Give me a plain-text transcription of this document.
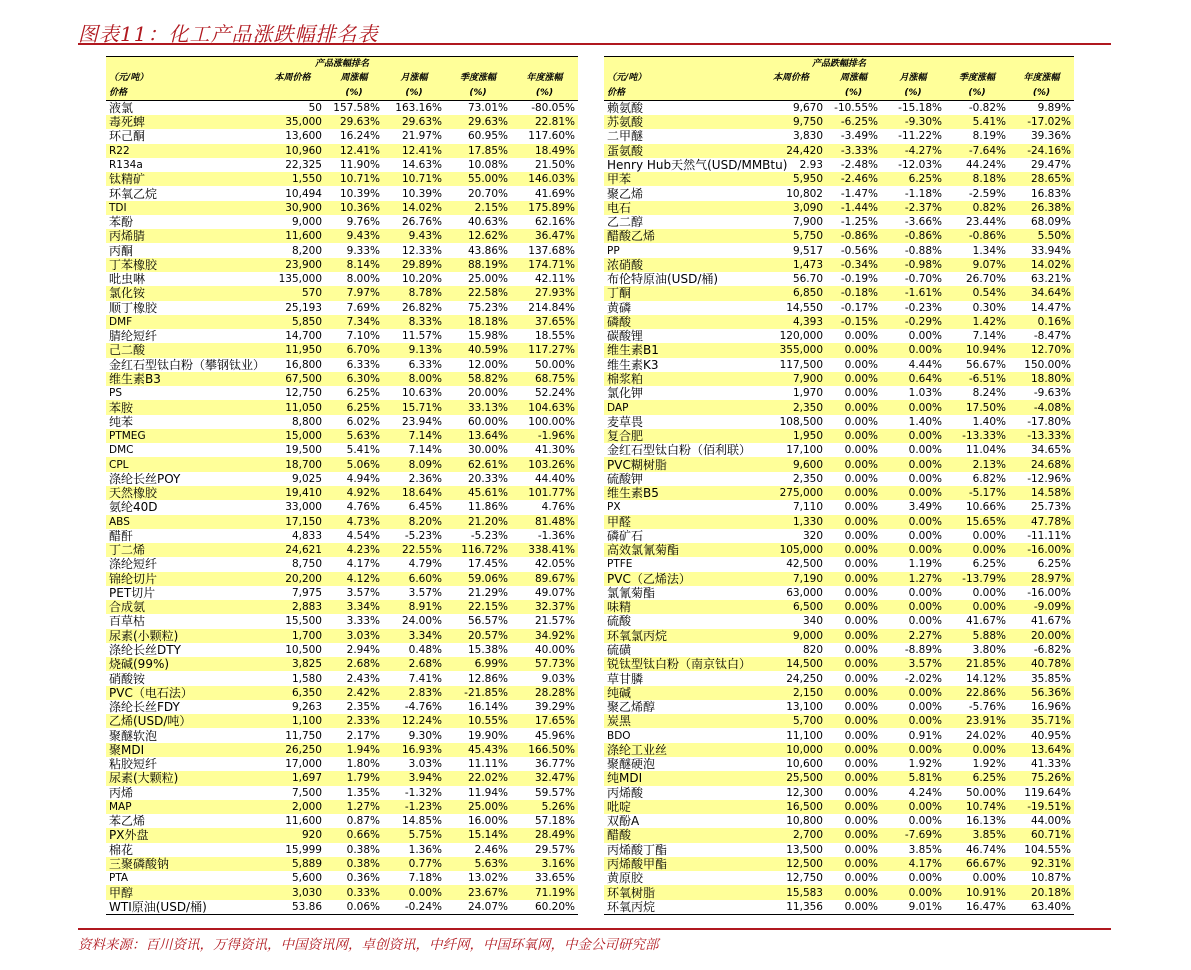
图表11：化工产品涨跌幅排名表
产品涨幅排名					
（元/吨）	本周价格	周涨幅	月涨幅	季度涨幅	年度涨幅
价格		(%)	(%)	(%)	(%)
液氯	50	157.58%	163.16%	73.01%	-80.05%
毒死蜱	35,000	29.63%	29.63%	29.63%	22.81%
环己酮	13,600	16.24%	21.97%	60.95%	117.60%
R22	10,960	12.41%	12.41%	17.85%	18.49%
R134a	22,325	11.90%	14.63%	10.08%	21.50%
钛精矿	1,550	10.71%	10.71%	55.00%	146.03%
环氧乙烷	10,494	10.39%	10.39%	20.70%	41.69%
TDI	30,900	10.36%	14.02%	2.15%	175.89%
苯酚	9,000	9.76%	26.76%	40.63%	62.16%
丙烯腈	11,600	9.43%	9.43%	12.62%	36.47%
丙酮	8,200	9.33%	12.33%	43.86%	137.68%
丁苯橡胶	23,900	8.14%	29.89%	88.19%	174.71%
吡虫啉	135,000	8.00%	10.20%	25.00%	42.11%
氯化铵	570	7.97%	8.78%	22.58%	27.93%
顺丁橡胶	25,193	7.69%	26.82%	75.23%	214.84%
DMF	5,850	7.34%	8.33%	18.18%	37.65%
腈纶短纤	14,700	7.10%	11.57%	15.98%	18.55%
己二酸	11,950	6.70%	9.13%	40.59%	117.27%
金红石型钛白粉（攀钢钛业）	16,800	6.33%	6.33%	12.00%	50.00%
维生素B3	67,500	6.30%	8.00%	58.82%	68.75%
PS	12,750	6.25%	10.63%	20.00%	52.24%
苯胺	11,050	6.25%	15.71%	33.13%	104.63%
纯苯	8,800	6.02%	23.94%	60.00%	100.00%
PTMEG	15,000	5.63%	7.14%	13.64%	-1.96%
DMC	19,500	5.41%	7.14%	30.00%	41.30%
CPL	18,700	5.06%	8.09%	62.61%	103.26%
涤纶长丝POY	9,025	4.94%	2.36%	20.33%	44.40%
天然橡胶	19,410	4.92%	18.64%	45.61%	101.77%
氨纶40D	33,000	4.76%	6.45%	11.86%	4.76%
ABS	17,150	4.73%	8.20%	21.20%	81.48%
醋酐	4,833	4.54%	-5.23%	-5.23%	-1.36%
丁二烯	24,621	4.23%	22.55%	116.72%	338.41%
涤纶短纤	8,750	4.17%	4.79%	17.45%	42.05%
锦纶切片	20,200	4.12%	6.60%	59.06%	89.67%
PET切片	7,975	3.57%	3.57%	21.29%	49.07%
合成氨	2,883	3.34%	8.91%	22.15%	32.37%
百草枯	15,500	3.33%	24.00%	56.57%	21.57%
尿素(小颗粒)	1,700	3.03%	3.34%	20.57%	34.92%
涤纶长丝DTY	10,500	2.94%	0.48%	15.38%	40.00%
烧碱(99%)	3,825	2.68%	2.68%	6.99%	57.73%
硝酸铵	1,580	2.43%	7.41%	12.86%	9.03%
PVC（电石法）	6,350	2.42%	2.83%	-21.85%	28.28%
涤纶长丝FDY	9,263	2.35%	-4.76%	16.14%	39.29%
乙烯(USD/吨）	1,100	2.33%	12.24%	10.55%	17.65%
聚醚软泡	11,750	2.17%	9.30%	19.90%	45.96%
聚MDI	26,250	1.94%	16.93%	45.43%	166.50%
粘胶短纤	17,000	1.80%	3.03%	11.11%	36.77%
尿素(大颗粒)	1,697	1.79%	3.94%	22.02%	32.47%
丙烯	7,500	1.35%	-1.32%	11.94%	59.57%
MAP	2,000	1.27%	-1.23%	25.00%	5.26%
苯乙烯	11,600	0.87%	14.85%	16.00%	57.18%
PX外盘	920	0.66%	5.75%	15.14%	28.49%
棉花	15,999	0.38%	1.36%	2.46%	29.57%
三聚磷酸钠	5,889	0.38%	0.77%	5.63%	3.16%
PTA	5,600	0.36%	7.18%	13.02%	33.65%
甲醇	3,030	0.33%	0.00%	23.67%	71.19%
WTI原油(USD/桶)	53.86	0.06%	-0.24%	24.07%	60.20%
产品跌幅排名					
（元/吨）	本周价格	周涨幅	月涨幅	季度涨幅	年度涨幅
价格		(%)	(%)	(%)	(%)
赖氨酸	9,670	-10.55%	-15.18%	-0.82%	9.89%
苏氨酸	9,750	-6.25%	-9.30%	5.41%	-17.02%
二甲醚	3,830	-3.49%	-11.22%	8.19%	39.36%
蛋氨酸	24,420	-3.33%	-4.27%	-7.64%	-24.16%
Henry Hub天然气(USD/MMBtu)	2.93	-2.48%	-12.03%	44.24%	29.47%
甲苯	5,950	-2.46%	6.25%	8.18%	28.65%
聚乙烯	10,802	-1.47%	-1.18%	-2.59%	16.83%
电石	3,090	-1.44%	-2.37%	0.82%	26.38%
乙二醇	7,900	-1.25%	-3.66%	23.44%	68.09%
醋酸乙烯	5,750	-0.86%	-0.86%	-0.86%	5.50%
PP	9,517	-0.56%	-0.88%	1.34%	33.94%
浓硝酸	1,473	-0.34%	-0.98%	9.07%	14.02%
布伦特原油(USD/桶)	56.70	-0.19%	-0.70%	26.70%	63.21%
丁酮	6,850	-0.18%	-1.61%	0.54%	34.64%
黄磷	14,550	-0.17%	-0.23%	0.30%	14.47%
磷酸	4,393	-0.15%	-0.29%	1.42%	0.16%
碳酸锂	120,000	0.00%	0.00%	7.14%	-8.47%
维生素B1	355,000	0.00%	0.00%	10.94%	12.70%
维生素K3	117,500	0.00%	4.44%	56.67%	150.00%
棉浆粕	7,900	0.00%	0.64%	-6.51%	18.80%
氯化钾	1,970	0.00%	1.03%	8.24%	-9.63%
DAP	2,350	0.00%	0.00%	17.50%	-4.08%
麦草畏	108,500	0.00%	1.40%	1.40%	-17.80%
复合肥	1,950	0.00%	0.00%	-13.33%	-13.33%
金红石型钛白粉（佰利联）	17,100	0.00%	0.00%	11.04%	34.65%
PVC糊树脂	9,600	0.00%	0.00%	2.13%	24.68%
硫酸钾	2,350	0.00%	0.00%	6.82%	-12.96%
维生素B5	275,000	0.00%	0.00%	-5.17%	14.58%
PX	7,110	0.00%	3.49%	10.66%	25.73%
甲醛	1,330	0.00%	0.00%	15.65%	47.78%
磷矿石	320	0.00%	0.00%	0.00%	-11.11%
高效氯氰菊酯	105,000	0.00%	0.00%	0.00%	-16.00%
PTFE	42,500	0.00%	1.19%	6.25%	6.25%
PVC（乙烯法）	7,190	0.00%	1.27%	-13.79%	28.97%
氯氰菊酯	63,000	0.00%	0.00%	0.00%	-16.00%
味精	6,500	0.00%	0.00%	0.00%	-9.09%
硫酸	340	0.00%	0.00%	41.67%	41.67%
环氧氯丙烷	9,000	0.00%	2.27%	5.88%	20.00%
硫磺	820	0.00%	-8.89%	3.80%	-6.82%
锐钛型钛白粉（南京钛白）	14,500	0.00%	3.57%	21.85%	40.78%
草甘膦	24,250	0.00%	-2.02%	14.12%	35.85%
纯碱	2,150	0.00%	0.00%	22.86%	56.36%
聚乙烯醇	13,100	0.00%	0.00%	-5.76%	16.96%
炭黑	5,700	0.00%	0.00%	23.91%	35.71%
BDO	11,100	0.00%	0.91%	24.02%	40.95%
涤纶工业丝	10,000	0.00%	0.00%	0.00%	13.64%
聚醚硬泡	10,600	0.00%	1.92%	1.92%	41.33%
纯MDI	25,500	0.00%	5.81%	6.25%	75.26%
丙烯酸	12,300	0.00%	4.24%	50.00%	119.64%
吡啶	16,500	0.00%	0.00%	10.74%	-19.51%
双酚A	10,800	0.00%	0.00%	16.13%	44.00%
醋酸	2,700	0.00%	-7.69%	3.85%	60.71%
丙烯酸丁酯	13,500	0.00%	3.85%	46.74%	104.55%
丙烯酸甲酯	12,500	0.00%	4.17%	66.67%	92.31%
黄原胶	12,750	0.00%	0.00%	0.00%	10.87%
环氧树脂	15,583	0.00%	0.00%	10.91%	20.18%
环氧丙烷	11,356	0.00%	9.01%	16.47%	63.40%
资料来源：百川资讯，万得资讯，中国资讯网，卓创资讯，中纤网，中国环氧网，中金公司研究部
